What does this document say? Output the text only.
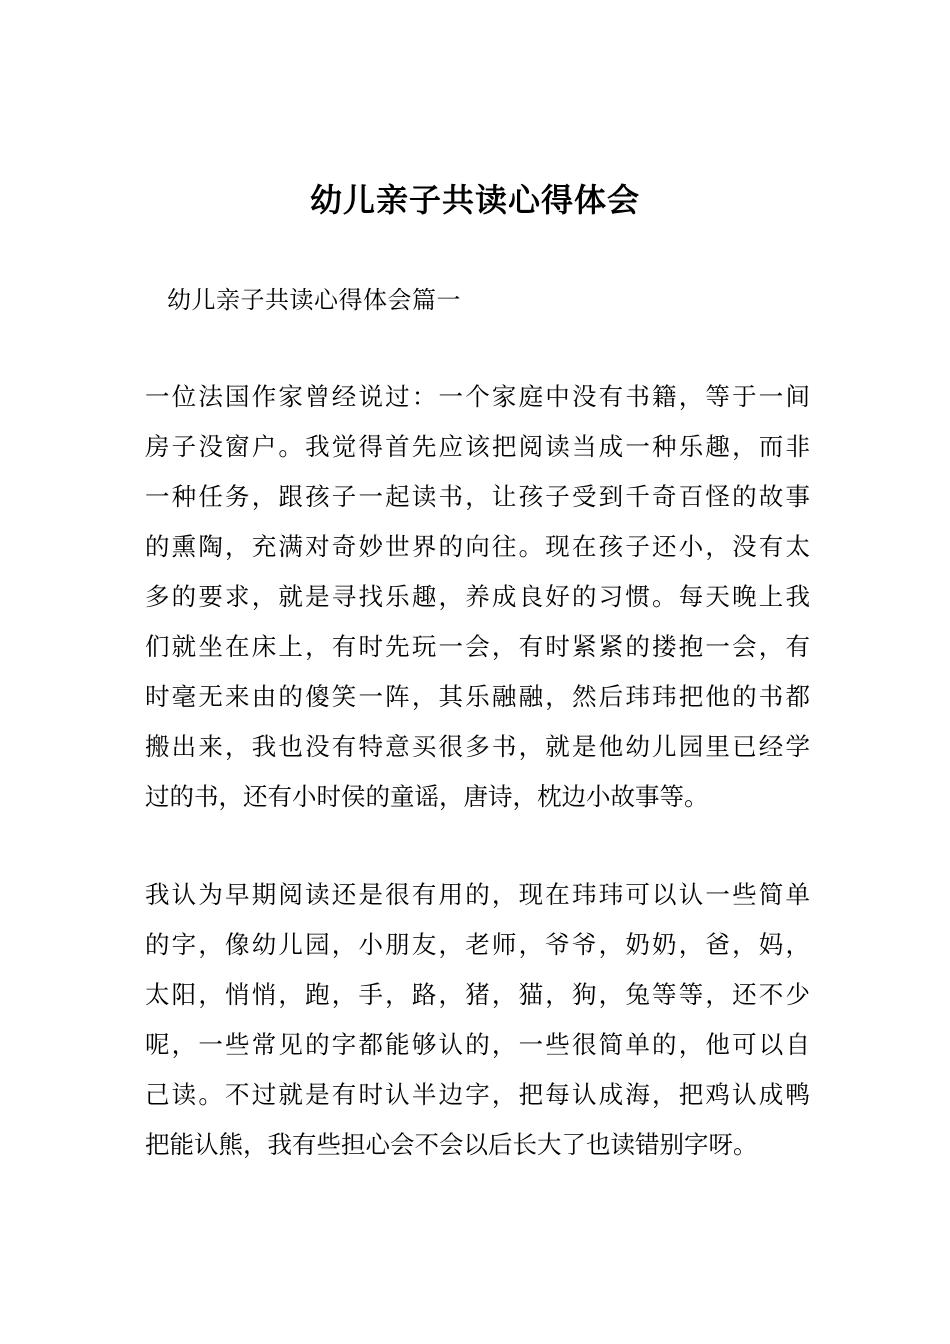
幼儿亲子共读心得体会
幼儿亲子共读心得体会篇一
一位法国作家曾经说过：一个家庭中没有书籍，等于一间
房子没窗户。我觉得首先应该把阅读当成一种乐趣，而非
一种任务，跟孩子一起读书，让孩子受到千奇百怪的故事
的熏陶，充满对奇妙世界的向往。现在孩子还小，没有太
多的要求，就是寻找乐趣，养成良好的习惯。每天晚上我
们就坐在床上，有时先玩一会，有时紧紧的搂抱一会，有
时毫无来由的傻笑一阵，其乐融融，然后玮玮把他的书都
搬出来，我也没有特意买很多书，就是他幼儿园里已经学
过的书，还有小时侯的童谣，唐诗，枕边小故事等。
我认为早期阅读还是很有用的，现在玮玮可以认一些简单
的字，像幼儿园，小朋友，老师，爷爷，奶奶，爸，妈，
太阳，悄悄，跑，手，路，猪，猫，狗，兔等等，还不少
呢，一些常见的字都能够认的，一些很简单的，他可以自
己读。不过就是有时认半边字，把每认成海，把鸡认成鸭
把能认熊，我有些担心会不会以后长大了也读错别字呀。
